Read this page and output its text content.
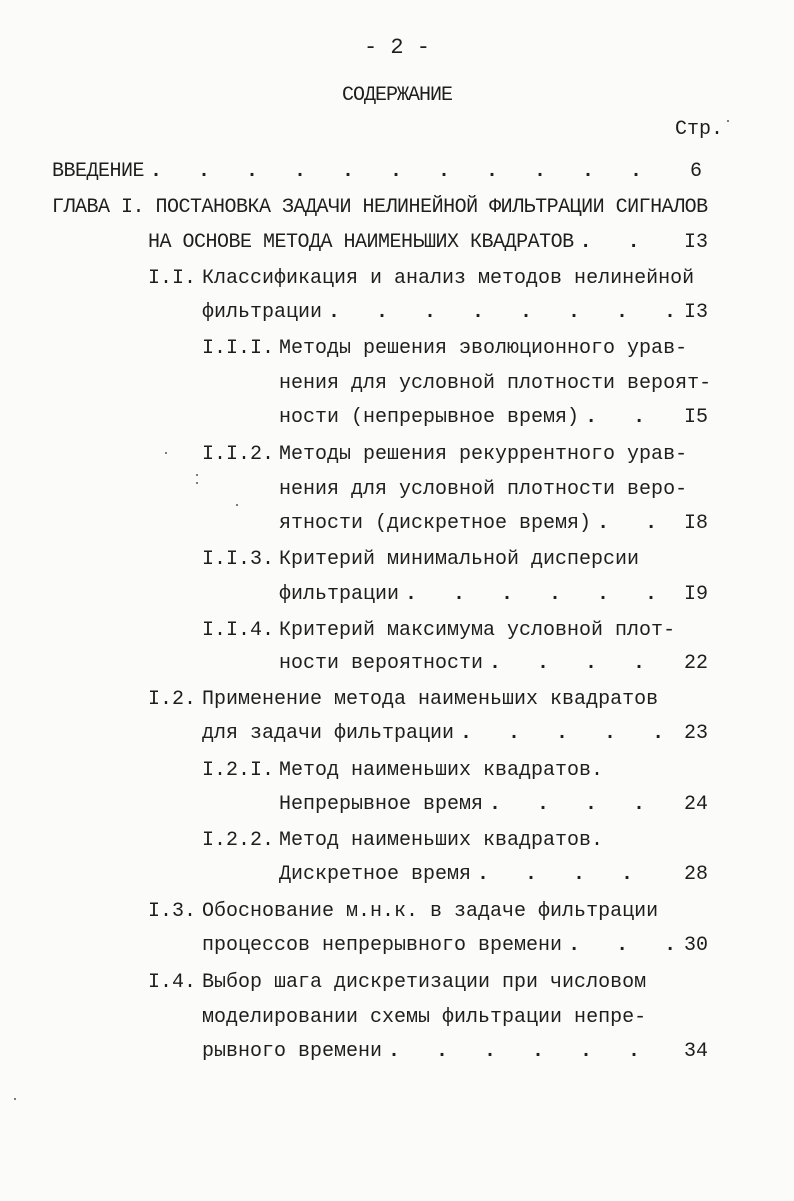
- 2 -
СОДЕРЖАНИЕ
Стр.
ВВЕДЕНИЕ . . .	6
ГЛАВА I. ПОСТАНОВКА ЗАДАЧИ НЕЛИНЕЙНОЙ ФИЛЬТРАЦИИ СИГНАЛОВ
НА ОСНОВЕ МЕТОДА НАИМЕНЬШИХ КВАДРАТОВ . . .	I3
I.I. Классификация и анализ методов нелинейной
фильтрации . . .	I3
I.I.I. Методы решения эволюционного урав-
нения для условной плотности вероят-
ности (непрерывное время) . . .	I5
I.I.2. Методы решения рекуррентного урав-
нения для условной плотности веро-
ятности (дискретное время) . . .	I8
I.I.3. Критерий минимальной дисперсии
фильтрации . . .	I9
I.I.4. Критерий максимума условной плот-
ности вероятности . . .	22
I.2. Применение метода наименьших квадратов
для задачи фильтрации . . .	23
I.2.I. Метод наименьших квадратов.
Непрерывное время . . .	24
I.2.2. Метод наименьших квадратов.
Дискретное время . . .	28
I.3. Обоснование м.н.к. в задаче фильтрации
процессов непрерывного времени . . .	30
I.4. Выбор шага дискретизации при числовом
моделировании схемы фильтрации непре-
рывного времени . . .	34
